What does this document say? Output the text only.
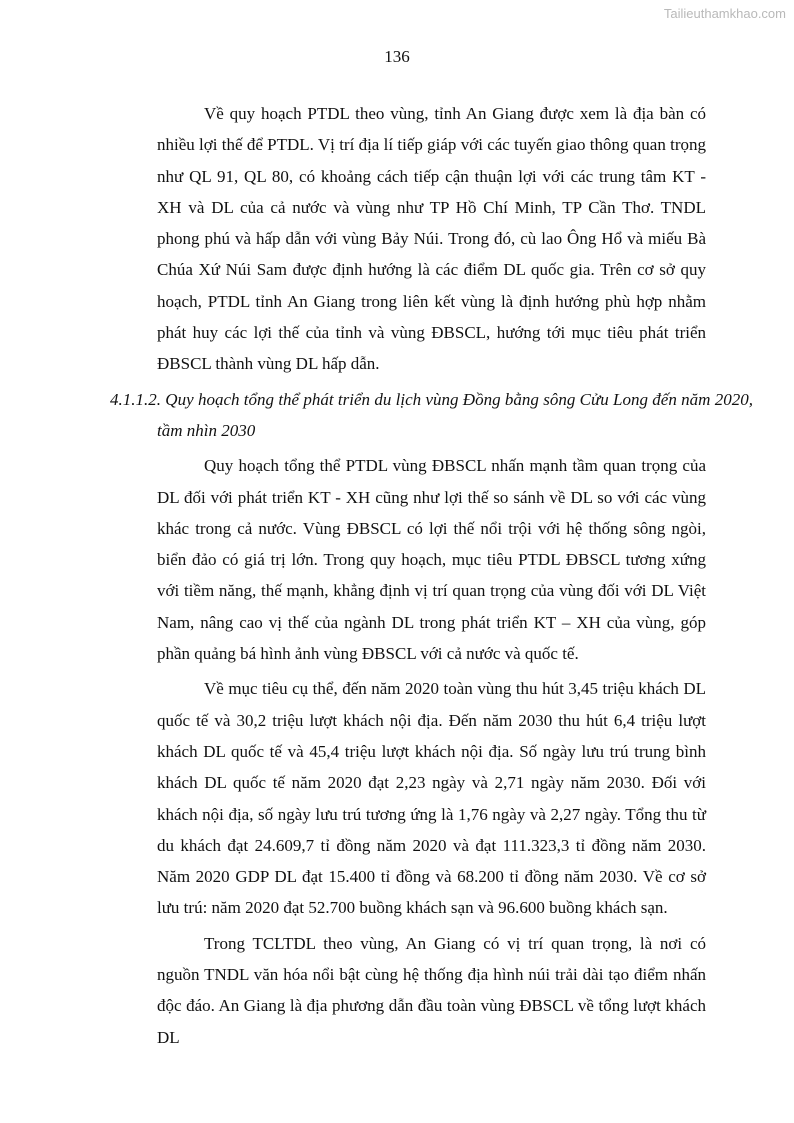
Tailieuthamkhao.com
136

Về quy hoạch PTDL theo vùng, tỉnh An Giang được xem là địa bàn có nhiều lợi thế để PTDL. Vị trí địa lí tiếp giáp với các tuyến giao thông quan trọng như QL 91, QL 80, có khoảng cách tiếp cận thuận lợi với các trung tâm KT - XH và DL của cả nước và vùng như TP Hồ Chí Minh, TP Cần Thơ. TNDL phong phú và hấp dẫn với vùng Bảy Núi. Trong đó, cù lao Ông Hổ và miếu Bà Chúa Xứ Núi Sam được định hướng là các điểm DL quốc gia. Trên cơ sở quy hoạch, PTDL tỉnh An Giang trong liên kết vùng là định hướng phù hợp nhằm phát huy các lợi thế của tỉnh và vùng ĐBSCL, hướng tới mục tiêu phát triển ĐBSCL thành vùng DL hấp dẫn.

4.1.1.2. Quy hoạch tổng thể phát triển du lịch vùng Đồng bằng sông Cửu Long đến năm 2020, tầm nhìn 2030

Quy hoạch tổng thể PTDL vùng ĐBSCL nhấn mạnh tầm quan trọng của DL đối với phát triển KT - XH cũng như lợi thế so sánh về DL so với các vùng khác trong cả nước. Vùng ĐBSCL có lợi thế nổi trội với hệ thống sông ngòi, biển đảo có giá trị lớn. Trong quy hoạch, mục tiêu PTDL ĐBSCL tương xứng với tiềm năng, thế mạnh, khẳng định vị trí quan trọng của vùng đối với DL Việt Nam, nâng cao vị thế của ngành DL trong phát triển KT – XH của vùng, góp phần quảng bá hình ảnh vùng ĐBSCL với cả nước và quốc tế.

Về mục tiêu cụ thể, đến năm 2020 toàn vùng thu hút 3,45 triệu khách DL quốc tế và 30,2 triệu lượt khách nội địa. Đến năm 2030 thu hút 6,4 triệu lượt khách DL quốc tế và 45,4 triệu lượt khách nội địa. Số ngày lưu trú trung bình khách DL quốc tế năm 2020 đạt 2,23 ngày và 2,71 ngày năm 2030. Đối với khách nội địa, số ngày lưu trú tương ứng là 1,76 ngày và 2,27 ngày. Tổng thu từ du khách đạt 24.609,7 tỉ đồng năm 2020 và đạt 111.323,3 tỉ đồng năm 2030. Năm 2020 GDP DL đạt 15.400 tỉ đồng và 68.200 tỉ đồng năm 2030. Về cơ sở lưu trú: năm 2020 đạt 52.700 buồng khách sạn và 96.600 buồng khách sạn.

Trong TCLTDL theo vùng, An Giang có vị trí quan trọng, là nơi có nguồn TNDL văn hóa nổi bật cùng hệ thống địa hình núi trải dài tạo điểm nhấn độc đáo. An Giang là địa phương dẫn đầu toàn vùng ĐBSCL về tổng lượt khách DL
